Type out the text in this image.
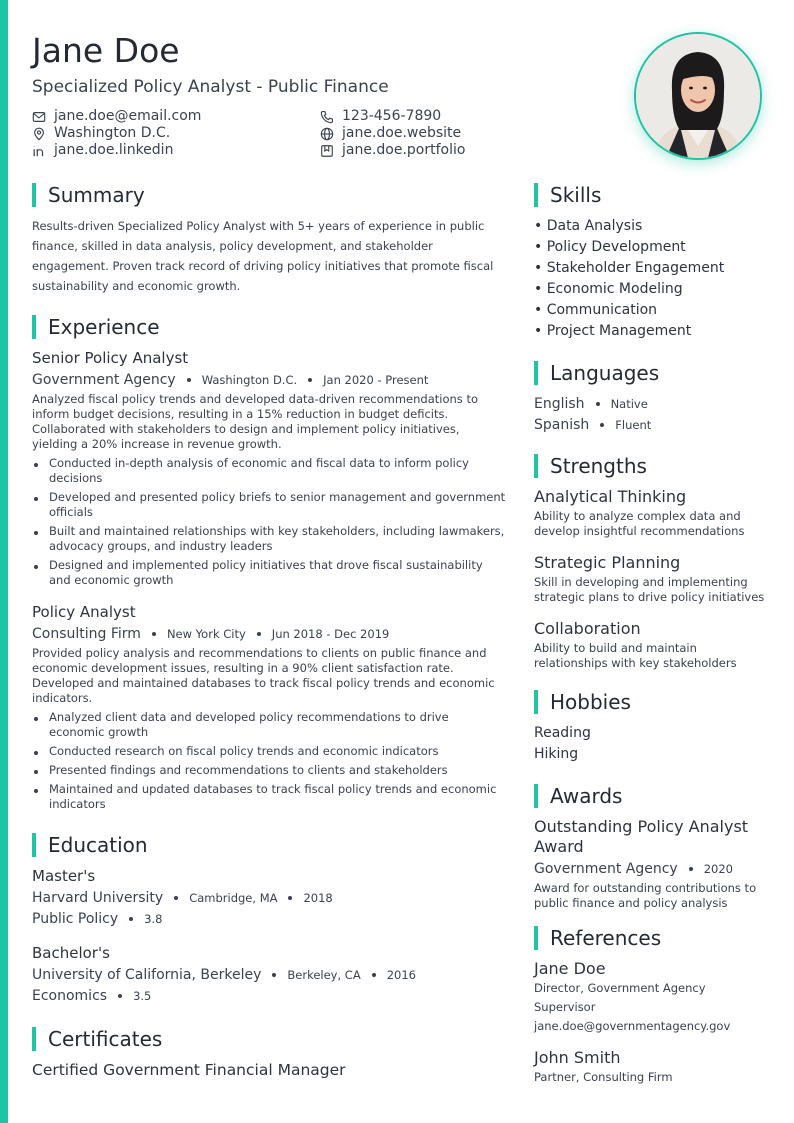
Jane Doe
Specialized Policy Analyst - Public Finance
jane.doe@email.com	123-456-7890
Washington D.C.	jane.doe.website
jane.doe.linkedin	jane.doe.portfolio
Summary

Results-driven Specialized Policy Analyst with 5+ years of experience in public finance, skilled in data analysis, policy development, and stakeholder engagement. Proven track record of driving policy initiatives that promote fiscal sustainability and economic growth.

Experience
Senior Policy Analyst
Government Agency Washington D.C. Jan 2020 - Present
Analyzed fiscal policy trends and developed data-driven recommendations to inform budget decisions, resulting in a 15% reduction in budget deficits. Collaborated with stakeholders to design and implement policy initiatives, yielding a 20% increase in revenue growth.
Conducted in-depth analysis of economic and fiscal data to inform policy decisions
Developed and presented policy briefs to senior management and government officials
Built and maintained relationships with key stakeholders, including lawmakers, advocacy groups, and industry leaders
Designed and implemented policy initiatives that drove fiscal sustainability and economic growth
Policy Analyst
Consulting Firm New York City Jun 2018 - Dec 2019
Provided policy analysis and recommendations to clients on public finance and economic development issues, resulting in a 90% client satisfaction rate. Developed and maintained databases to track fiscal policy trends and economic indicators.
Analyzed client data and developed policy recommendations to drive economic growth
Conducted research on fiscal policy trends and economic indicators
Presented findings and recommendations to clients and stakeholders
Maintained and updated databases to track fiscal policy trends and economic indicators
Education
Master's
Harvard University Cambridge, MA 2018
Public Policy 3.8
Bachelor's
University of California, Berkeley Berkeley, CA 2016
Economics 3.5
Certificates
Certified Government Financial Manager
Skills
• Data Analysis
• Policy Development
• Stakeholder Engagement
• Economic Modeling
• Communication
• Project Management
Languages
English Native
Spanish Fluent
Strengths
Analytical Thinking
Ability to analyze complex data and develop insightful recommendations
Strategic Planning
Skill in developing and implementing strategic plans to drive policy initiatives
Collaboration
Ability to build and maintain relationships with key stakeholders
Hobbies
Reading
Hiking
Awards
Outstanding Policy Analyst Award
Government Agency 2020
Award for outstanding contributions to public finance and policy analysis
References
Jane Doe
Director, Government Agency
Supervisor
jane.doe@governmentagency.gov
John Smith
Partner, Consulting Firm
